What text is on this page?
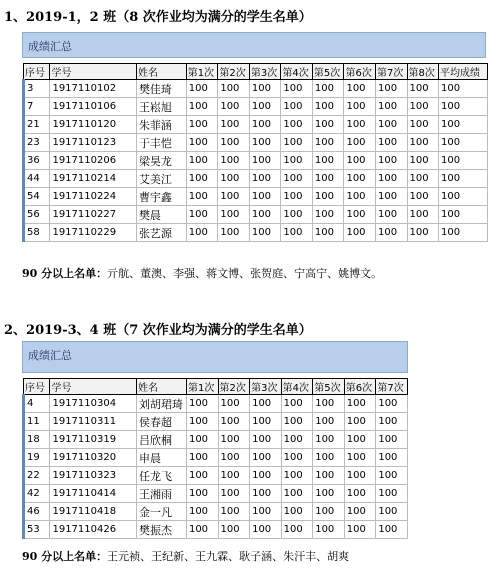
1、2019-1，2 班（8 次作业均为满分的学生名单）
成绩汇总
序号	学号	姓名	第1次	第2次	第3次	第4次	第5次	第6次	第7次	第8次	平均成绩
3	1917110102	樊佳琦	100	100	100	100	100	100	100	100	100
7	1917110106	王崧旭	100	100	100	100	100	100	100	100	100
21	1917110120	朱菲涵	100	100	100	100	100	100	100	100	100
23	1917110123	于丰恺	100	100	100	100	100	100	100	100	100
36	1917110206	梁昊龙	100	100	100	100	100	100	100	100	100
44	1917110214	艾美江	100	100	100	100	100	100	100	100	100
54	1917110224	曹宇鑫	100	100	100	100	100	100	100	100	100
56	1917110227	樊晨	100	100	100	100	100	100	100	100	100
58	1917110229	张艺源	100	100	100	100	100	100	100	100	100
90 分以上名单：亓航、董澳、李强、蒋文博、张贺庭、宁高宁、姚博文。
2、2019-3、4 班（7 次作业均为满分的学生名单）
成绩汇总
序号	学号	姓名	第1次	第2次	第3次	第4次	第5次	第6次	第7次
4	1917110304	刘胡珺琦	100	100	100	100	100	100	100
11	1917110311	侯春超	100	100	100	100	100	100	100
18	1917110319	吕欣桐	100	100	100	100	100	100	100
19	1917110320	申晨	100	100	100	100	100	100	100
22	1917110323	任龙飞	100	100	100	100	100	100	100
42	1917110414	王湘雨	100	100	100	100	100	100	100
46	1917110418	金一凡	100	100	100	100	100	100	100
53	1917110426	樊振杰	100	100	100	100	100	100	100
90 分以上名单：王元祯、王纪新、王九霖、耿子涵、朱汗丰、胡爽
